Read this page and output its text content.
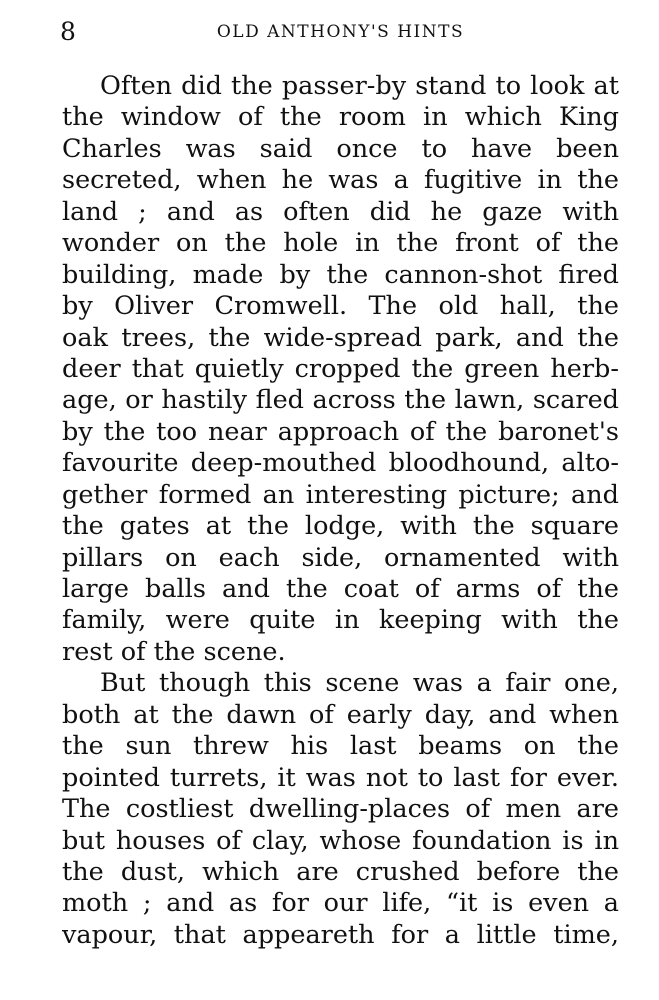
8	OLD ANTHONY'S HINTS
Often did the passer-by stand to look at
the window of the room in which King
Charles was said once to have been
secreted, when he was a fugitive in the
land ; and as often did he gaze with
wonder on the hole in the front of the
building, made by the cannon-shot fired
by Oliver Cromwell. The old hall, the
oak trees, the wide-spread park, and the
deer that quietly cropped the green herb-
age, or hastily fled across the lawn, scared
by the too near approach of the baronet's
favourite deep-mouthed bloodhound, alto-
gether formed an interesting picture; and
the gates at the lodge, with the square
pillars on each side, ornamented with
large balls and the coat of arms of the
family, were quite in keeping with the
rest of the scene.
But though this scene was a fair one,
both at the dawn of early day, and when
the sun threw his last beams on the
pointed turrets, it was not to last for ever.
The costliest dwelling-places of men are
but houses of clay, whose foundation is in
the dust, which are crushed before the
moth ; and as for our life, “it is even a
vapour, that appeareth for a little time,
